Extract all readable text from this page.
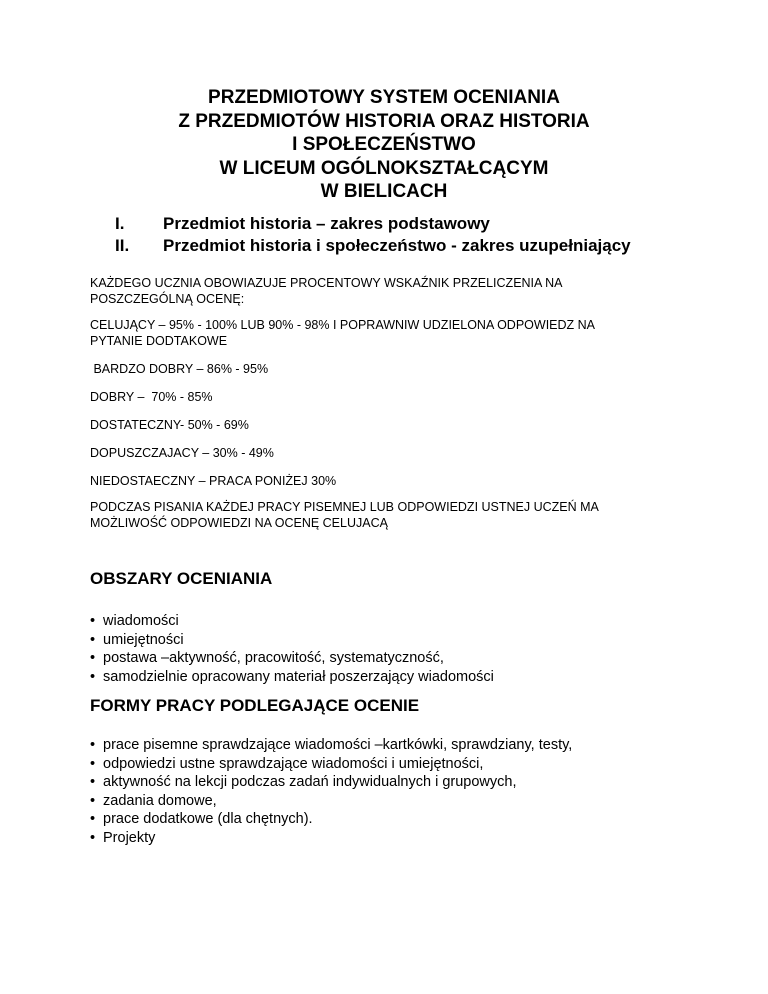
PRZEDMIOTOWY SYSTEM OCENIANIA
Z PRZEDMIOTÓW HISTORIA ORAZ HISTORIA
I SPOŁECZEŃSTWO
W LICEUM OGÓLNOKSZTAŁCĄCYM
W BIELICACH
I.	Przedmiot historia – zakres podstawowy
II.	Przedmiot historia i społeczeństwo - zakres uzupełniający
KAŻDEGO UCZNIA OBOWIAZUJE PROCENTOWY WSKAŹNIK PRZELICZENIA NA POSZCZEGÓLNĄ OCENĘ:
CELUJĄCY – 95% - 100% LUB 90% - 98% I POPRAWNIW UDZIELONA ODPOWIEDZ NA PYTANIE DODTAKOWE
BARDZO DOBRY – 86% - 95%
DOBRY –  70% - 85%
DOSTATECZNY- 50% - 69%
DOPUSZCZAJACY – 30% - 49%
NIEDOSTAECZNY – PRACA PONIŻEJ 30%
PODCZAS PISANIA KAŻDEJ PRACY PISEMNEJ LUB ODPOWIEDZI USTNEJ UCZEŃ MA MOŻLIWOŚĆ ODPOWIEDZI NA OCENĘ CELUJACĄ
OBSZARY OCENIANIA
• wiadomości
• umiejętności
• postawa –aktywność, pracowitość, systematyczność,
• samodzielnie opracowany materiał poszerzający wiadomości
FORMY PRACY PODLEGAJĄCE OCENIE
• prace pisemne sprawdzające wiadomości –kartkówki, sprawdziany, testy,
• odpowiedzi ustne sprawdzające wiadomości i umiejętności,
• aktywność na lekcji podczas zadań indywidualnych i grupowych,
• zadania domowe,
• prace dodatkowe (dla chętnych).
• Projekty
